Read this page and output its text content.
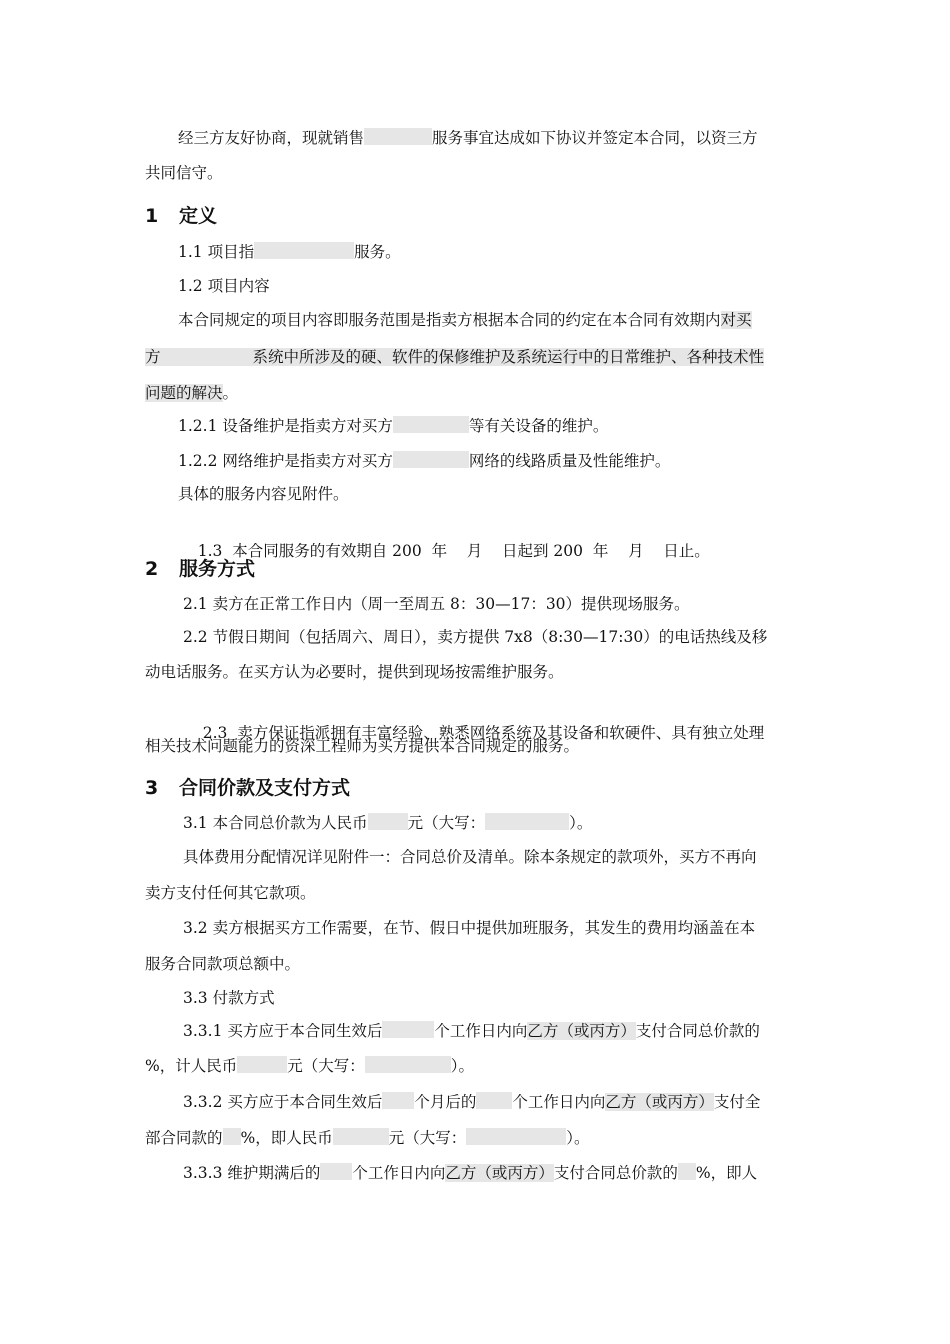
经三方友好协商，现就销售	服务事宜达成如下协议并签定本合同，以资三方
共同信守。
1 定义
1.1 项目指	服务。
1.2 项目内容
本合同规定的项目内容即服务范围是指卖方根据本合同的约定在本合同有效期内对买
方	系统中所涉及的硬、软件的保修维护及系统运行中的日常维护、各种技术性
问题的解决。
1.2.1 设备维护是指卖方对买方	等有关设备的维护。
1.2.2 网络维护是指卖方对买方	网络的线路质量及性能维护。
具体的服务内容见附件。

1.3  本合同服务的有效期自 200  年    月    日起到 200  年    月    日止。

2 服务方式
2.1 卖方在正常工作日内（周一至周五 8：30—17：30）提供现场服务。
2.2 节假日期间（包括周六、周日），卖方提供 7x8（8:30—17:30）的电话热线及移
动电话服务。在买方认为必要时，提供到现场按需维护服务。

2.3  卖方保证指派拥有丰富经验、熟悉网络系统及其设备和软硬件、具有独立处理

相关技术问题能力的资深工程师为买方提供本合同规定的服务。
3 合同价款及支付方式
3.1 本合同总价款为人民币	元（大写：	）。
具体费用分配情况详见附件一：合同总价及清单。除本条规定的款项外，买方不再向
卖方支付任何其它款项。
3.2 卖方根据买方工作需要，在节、假日中提供加班服务，其发生的费用均涵盖在本
服务合同款项总额中。
3.3 付款方式
3.3.1 买方应于本合同生效后	个工作日内向乙方（或丙方）支付合同总价款的
%，计人民币	元（大写：	）。
3.3.2 买方应于本合同生效后 个月后的 个工作日内向乙方（或丙方）支付全
部合同款的 %，即人民币	元（大写：	）。
3.3.3 维护期满后的 个工作日内向乙方（或丙方）支付合同总价款的 %，即人
